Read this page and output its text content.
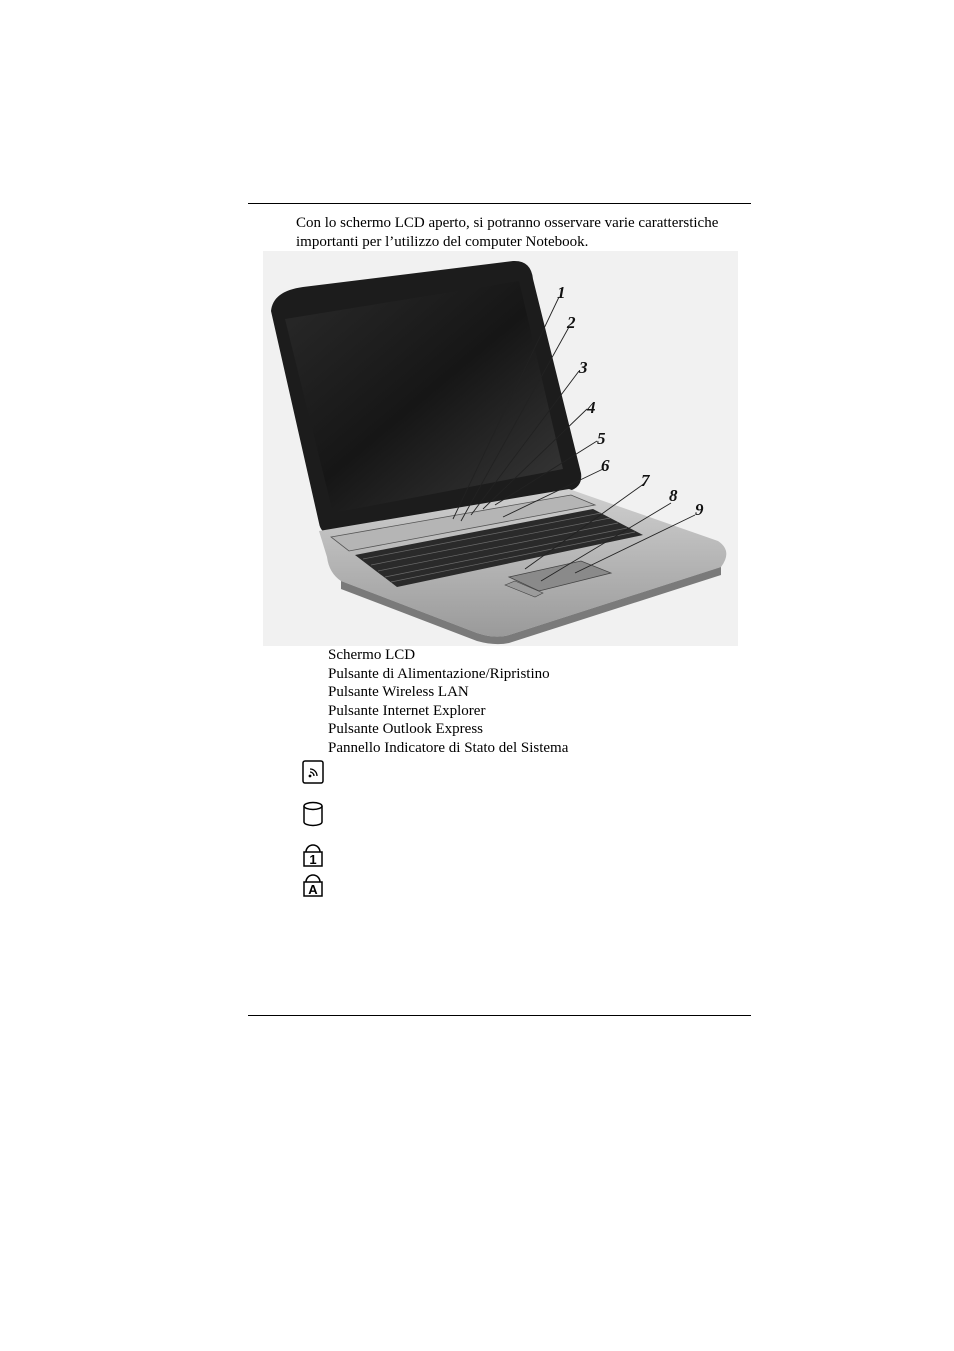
Con lo schermo LCD aperto, si potranno osservare varie caratterstiche
importanti per l’utilizzo del computer Notebook.
1
2
3
4
5
6
7
8
9
Schermo LCD
Pulsante di Alimentazione/Ripristino
Pulsante Wireless LAN
Pulsante Internet Explorer
Pulsante Outlook Express
Pannello Indicatore di Stato del Sistema
1
A
